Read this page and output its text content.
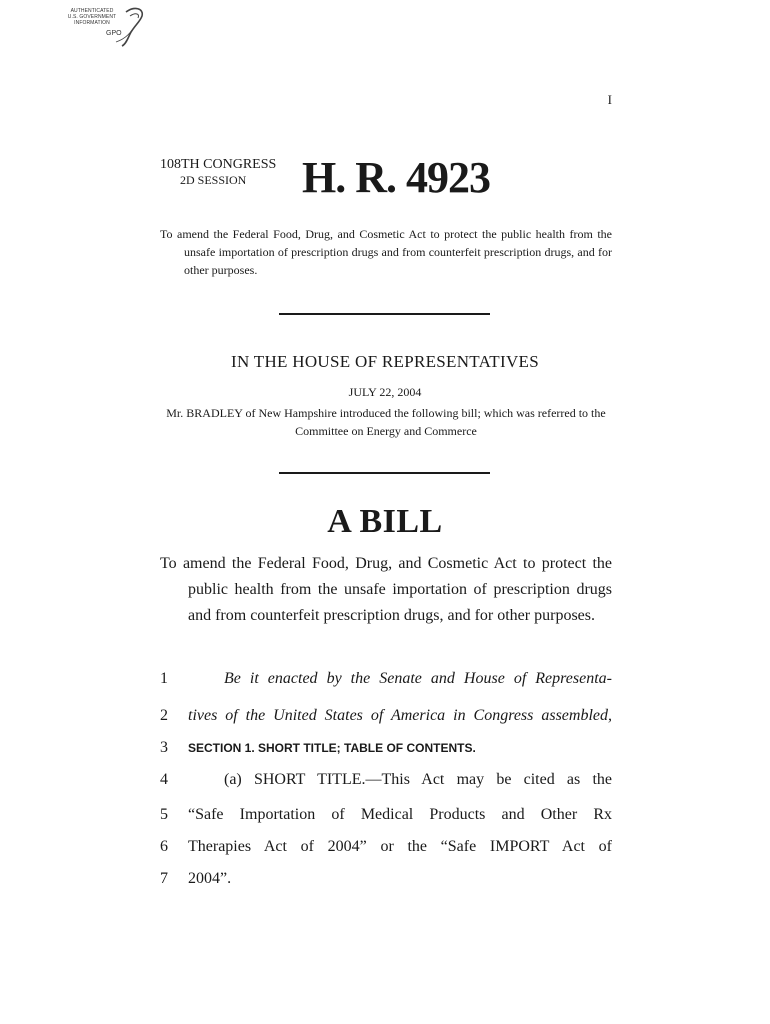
AUTHENTICATED
U.S. GOVERNMENT
INFORMATION
GPO
I
108TH CONGRESS
2D SESSION H. R. 4923
To amend the Federal Food, Drug, and Cosmetic Act to protect the public health from the unsafe importation of prescription drugs and from counterfeit prescription drugs, and for other purposes.
IN THE HOUSE OF REPRESENTATIVES
JULY 22, 2004
Mr. BRADLEY of New Hampshire introduced the following bill; which was referred to the Committee on Energy and Commerce
A BILL
To amend the Federal Food, Drug, and Cosmetic Act to protect the public health from the unsafe importation of prescription drugs and from counterfeit prescription drugs, and for other purposes.
1	Be it enacted by the Senate and House of Representa-
2	tives of the United States of America in Congress assembled,
3	SECTION 1. SHORT TITLE; TABLE OF CONTENTS.
4	(a) SHORT TITLE.—This Act may be cited as the
5	“Safe Importation of Medical Products and Other Rx
6	Therapies Act of 2004” or the “Safe IMPORT Act of
7	2004”.
